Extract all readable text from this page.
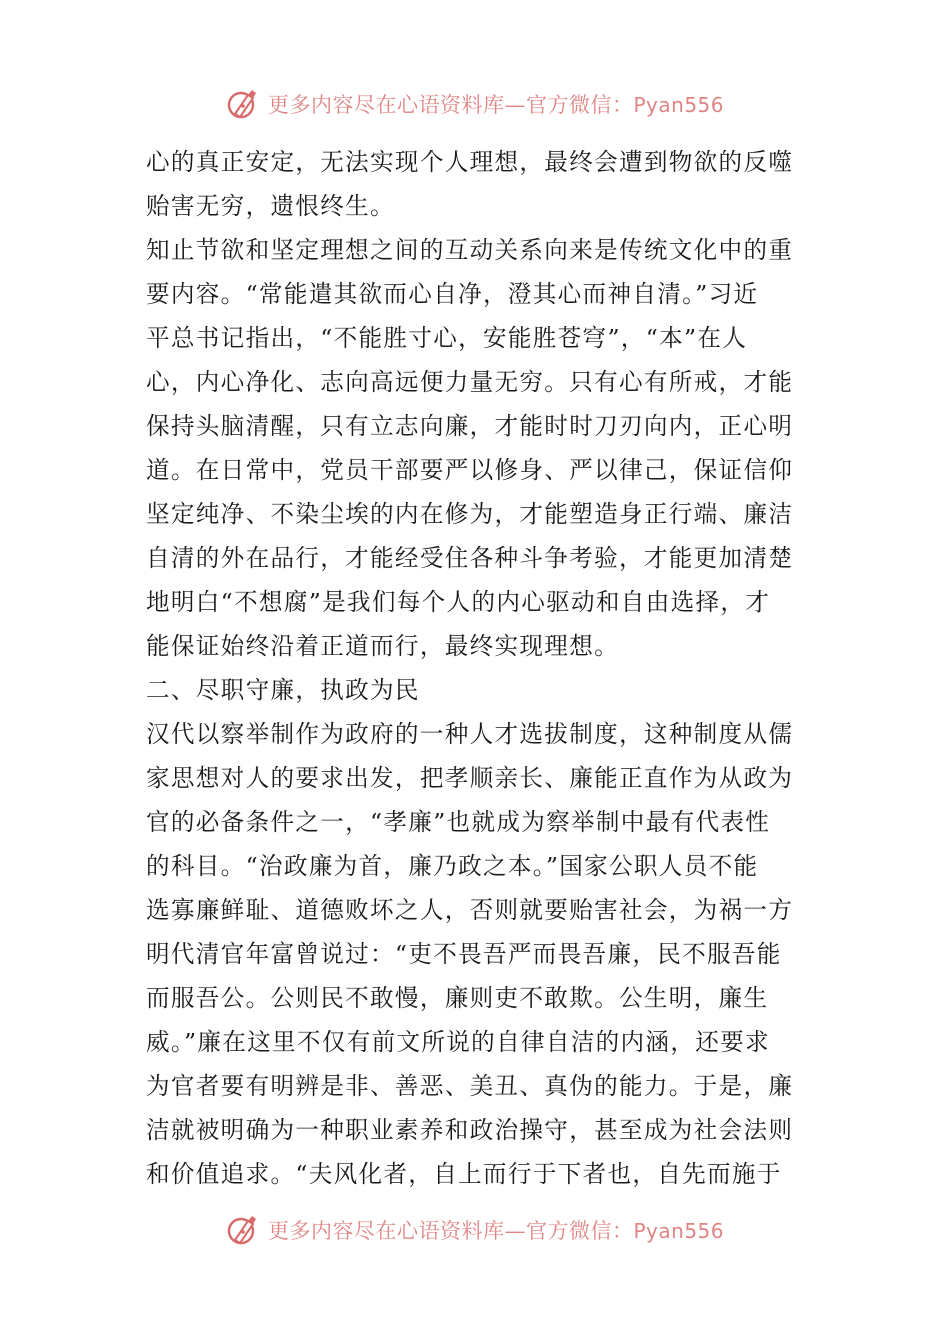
更多内容尽在心语资料库—官方微信：Pyan556
心的真正安定，无法实现个人理想，最终会遭到物欲的反噬
贻害无穷，遗恨终生。
知止节欲和坚定理想之间的互动关系向来是传统文化中的重
要内容。“常能遣其欲而心自净，澄其心而神自清。”习近
平总书记指出，“不能胜寸心，安能胜苍穹”，“本”在人
心，内心净化、志向高远便力量无穷。只有心有所戒，才能
保持头脑清醒，只有立志向廉，才能时时刀刃向内，正心明
道。在日常中，党员干部要严以修身、严以律己，保证信仰
坚定纯净、不染尘埃的内在修为，才能塑造身正行端、廉洁
自清的外在品行，才能经受住各种斗争考验，才能更加清楚
地明白“不想腐”是我们每个人的内心驱动和自由选择，才
能保证始终沿着正道而行，最终实现理想。
二、尽职守廉，执政为民
汉代以察举制作为政府的一种人才选拔制度，这种制度从儒
家思想对人的要求出发，把孝顺亲长、廉能正直作为从政为
官的必备条件之一，“孝廉”也就成为察举制中最有代表性
的科目。“治政廉为首，廉乃政之本。”国家公职人员不能
选寡廉鲜耻、道德败坏之人，否则就要贻害社会，为祸一方
明代清官年富曾说过：“吏不畏吾严而畏吾廉，民不服吾能
而服吾公。公则民不敢慢，廉则吏不敢欺。公生明，廉生
威。”廉在这里不仅有前文所说的自律自洁的内涵，还要求
为官者要有明辨是非、善恶、美丑、真伪的能力。于是，廉
洁就被明确为一种职业素养和政治操守，甚至成为社会法则
和价值追求。“夫风化者，自上而行于下者也，自先而施于
更多内容尽在心语资料库—官方微信：Pyan556
